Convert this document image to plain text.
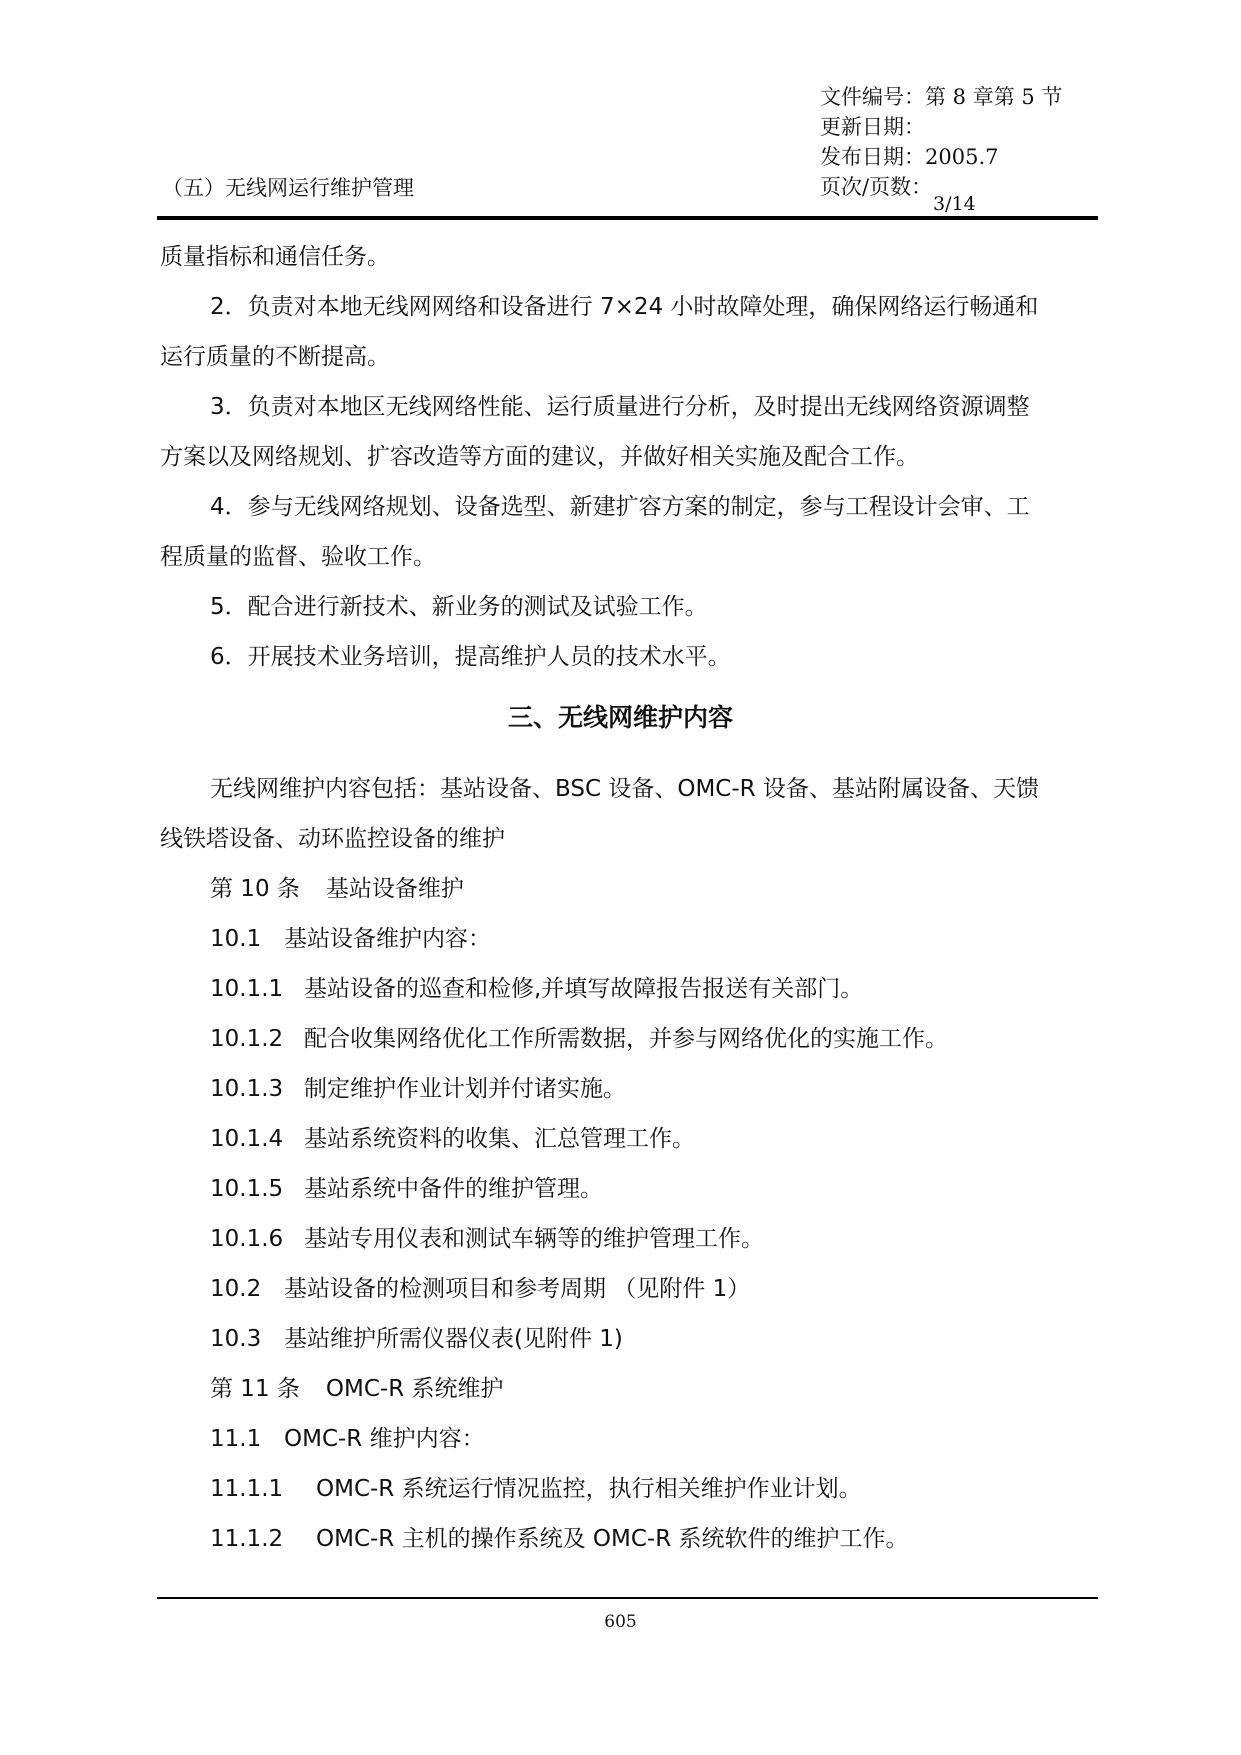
文件编号：第 8 章第 5 节
更新日期：
发布日期：2005.7
页次/页数：
（五）无线网运行维护管理
3/14
质量指标和通信任务。
2．负责对本地无线网网络和设备进行 7×24 小时故障处理，确保网络运行畅通和
运行质量的不断提高。
3．负责对本地区无线网络性能、运行质量进行分析，及时提出无线网络资源调整
方案以及网络规划、扩容改造等方面的建议，并做好相关实施及配合工作。
4．参与无线网络规划、设备选型、新建扩容方案的制定，参与工程设计会审、工
程质量的监督、验收工作。
5．配合进行新技术、新业务的测试及试验工作。
6．开展技术业务培训，提高维护人员的技术水平。
三、无线网维护内容
无线网维护内容包括：基站设备、BSC 设备、OMC-R 设备、基站附属设备、天馈
线铁塔设备、动环监控设备的维护
第 10 条 基站设备维护
10.1 基站设备维护内容：
10.1.1 基站设备的巡查和检修,并填写故障报告报送有关部门。
10.1.2 配合收集网络优化工作所需数据，并参与网络优化的实施工作。
10.1.3 制定维护作业计划并付诸实施。
10.1.4 基站系统资料的收集、汇总管理工作。
10.1.5 基站系统中备件的维护管理。
10.1.6 基站专用仪表和测试车辆等的维护管理工作。
10.2 基站设备的检测项目和参考周期 （见附件 1）
10.3 基站维护所需仪器仪表(见附件 1)
第 11 条 OMC-R 系统维护
11.1 OMC-R 维护内容：
11.1.1 OMC-R 系统运行情况监控，执行相关维护作业计划。
11.1.2 OMC-R 主机的操作系统及 OMC-R 系统软件的维护工作。
605
